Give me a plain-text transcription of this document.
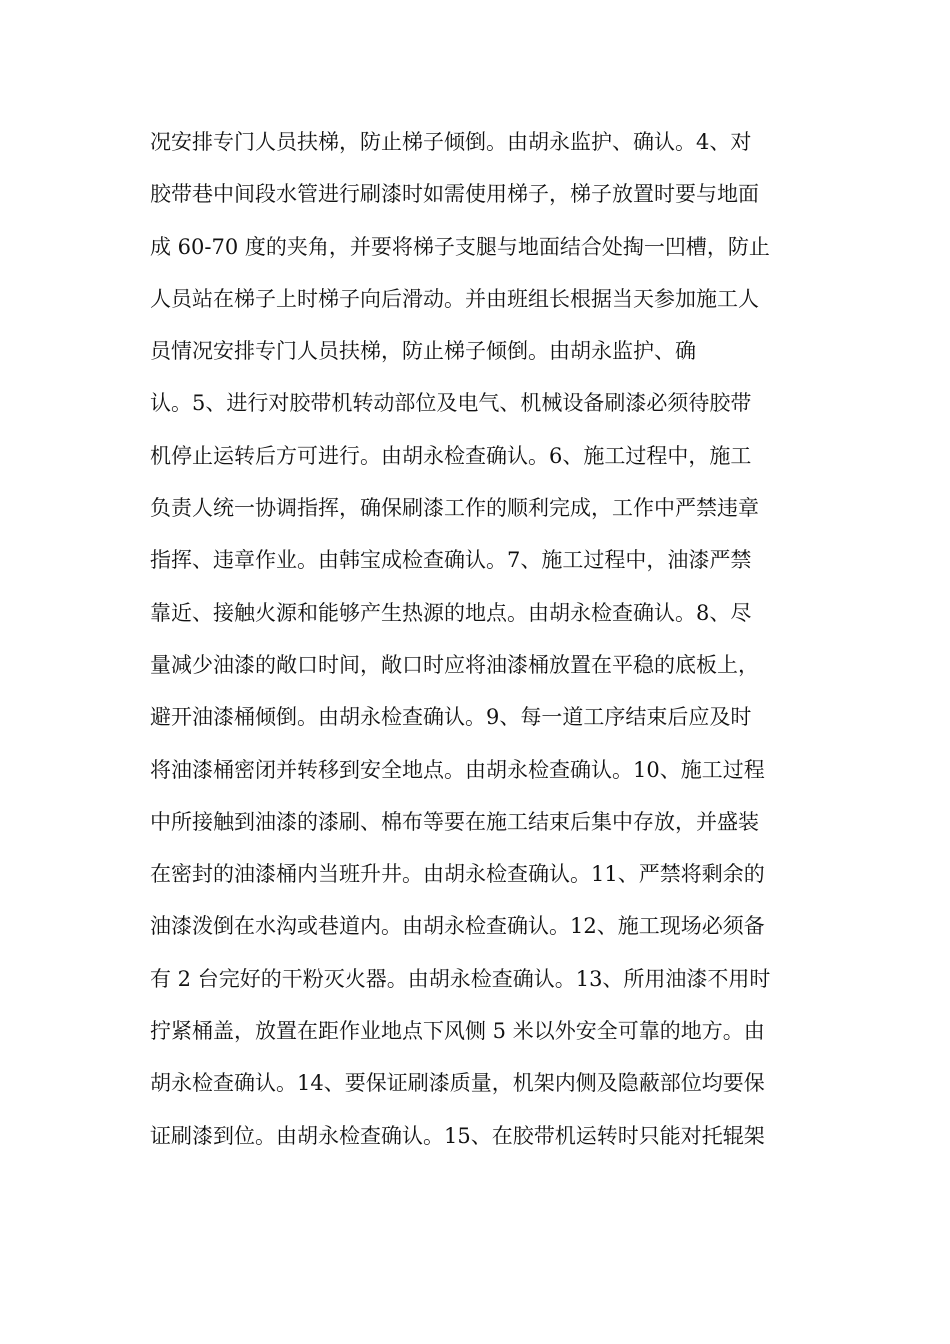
况安排专门人员扶梯，防止梯子倾倒。由胡永监护、确认。4、对
胶带巷中间段水管进行刷漆时如需使用梯子，梯子放置时要与地面
成 60-70 度的夹角，并要将梯子支腿与地面结合处掏一凹槽，防止
人员站在梯子上时梯子向后滑动。并由班组长根据当天参加施工人
员情况安排专门人员扶梯，防止梯子倾倒。由胡永监护、确
认。5、进行对胶带机转动部位及电气、机械设备刷漆必须待胶带
机停止运转后方可进行。由胡永检查确认。6、施工过程中，施工
负责人统一协调指挥，确保刷漆工作的顺利完成，工作中严禁违章
指挥、违章作业。由韩宝成检查确认。7、施工过程中，油漆严禁
靠近、接触火源和能够产生热源的地点。由胡永检查确认。8、尽
量减少油漆的敞口时间，敞口时应将油漆桶放置在平稳的底板上，
避开油漆桶倾倒。由胡永检查确认。9、每一道工序结束后应及时
将油漆桶密闭并转移到安全地点。由胡永检查确认。10、施工过程
中所接触到油漆的漆刷、棉布等要在施工结束后集中存放，并盛装
在密封的油漆桶内当班升井。由胡永检查确认。11、严禁将剩余的
油漆泼倒在水沟或巷道内。由胡永检查确认。12、施工现场必须备
有 2 台完好的干粉灭火器。由胡永检查确认。13、所用油漆不用时
拧紧桶盖，放置在距作业地点下风侧 5 米以外安全可靠的地方。由
胡永检查确认。14、要保证刷漆质量，机架内侧及隐蔽部位均要保
证刷漆到位。由胡永检查确认。15、在胶带机运转时只能对托辊架
